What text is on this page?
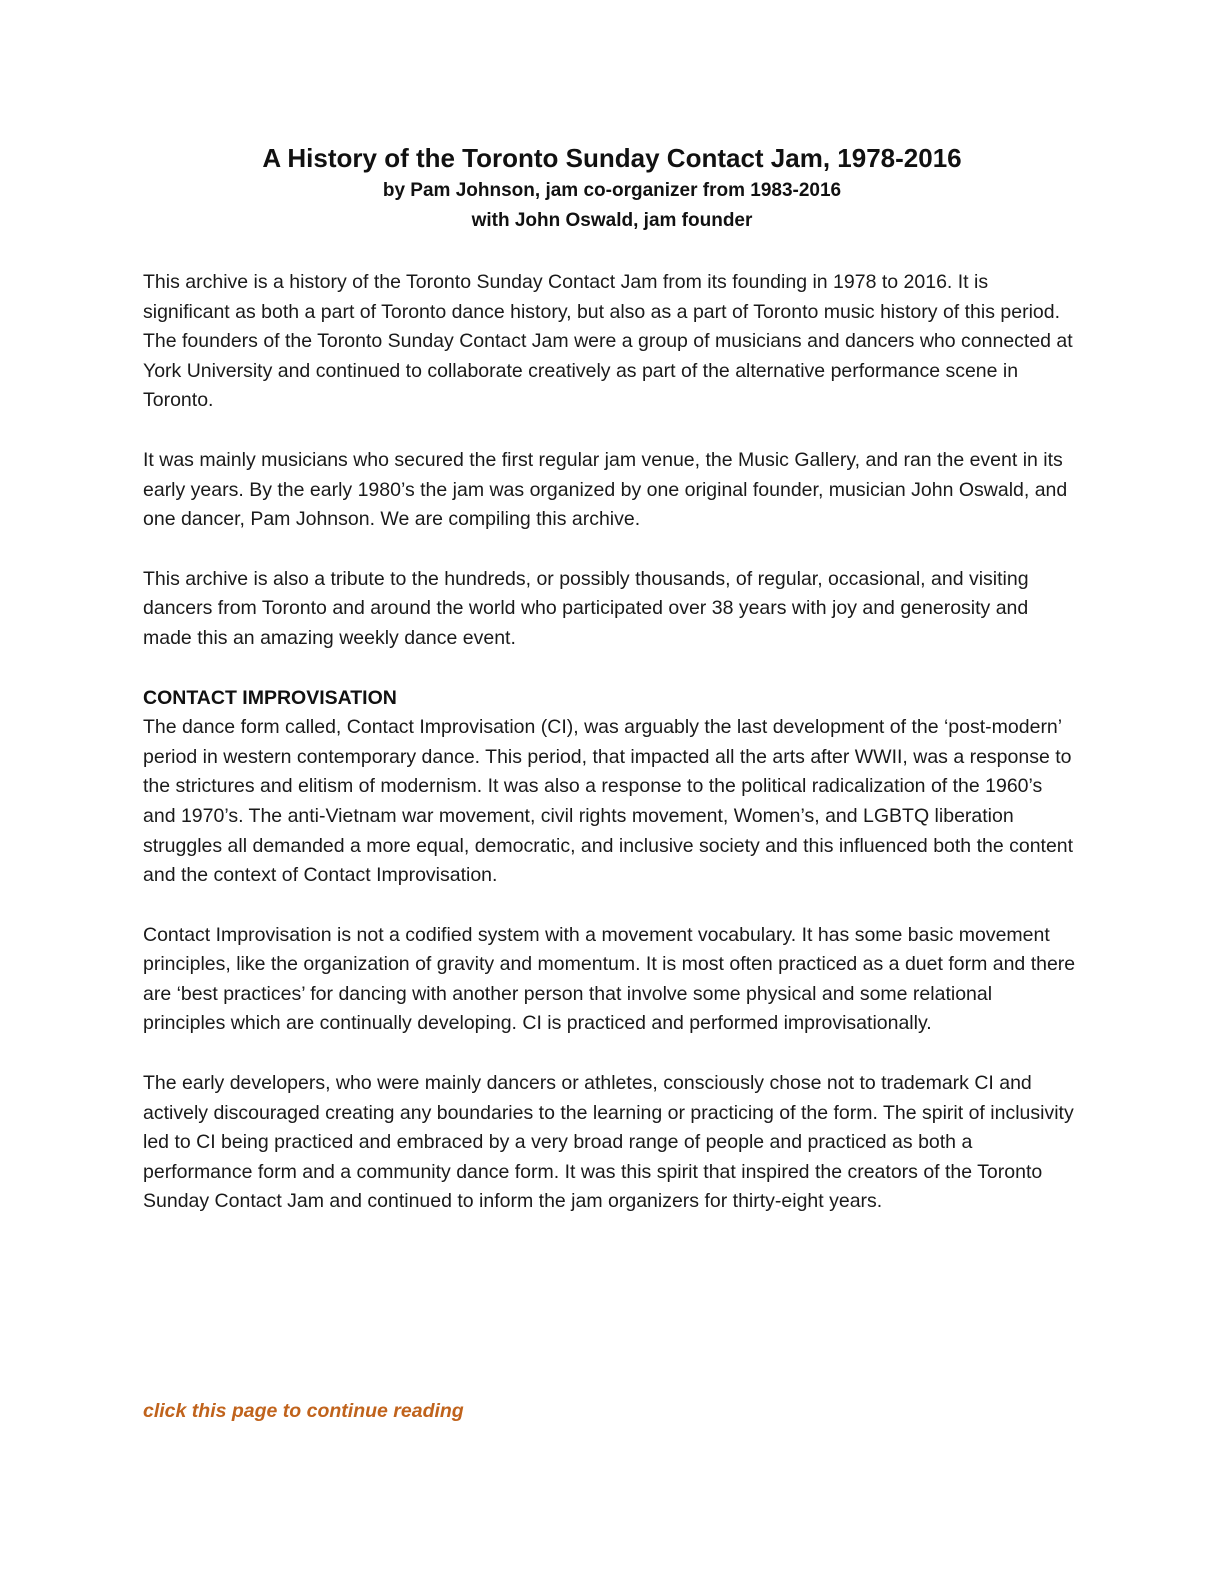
A History of the Toronto Sunday Contact Jam, 1978-2016

by Pam Johnson, jam co-organizer from 1983-2016

with John Oswald, jam founder

This archive is a history of the Toronto Sunday Contact Jam from its founding in 1978 to 2016. It is significant as both a part of Toronto dance history, but also as a part of Toronto music history of this period. The founders of the Toronto Sunday Contact Jam were a group of musicians and dancers who connected at York University and continued to collaborate creatively as part of the alternative performance scene in Toronto.

It was mainly musicians who secured the first regular jam venue, the Music Gallery, and ran the event in its early years. By the early 1980’s the jam was organized by one original founder, musician John Oswald, and one dancer, Pam Johnson. We are compiling this archive.

This archive is also a tribute to the hundreds, or possibly thousands, of regular, occasional, and visiting dancers from Toronto and around the world who participated over 38 years with joy and generosity and made this an amazing weekly dance event.

CONTACT IMPROVISATION

The dance form called, Contact Improvisation (CI), was arguably the last development of the ‘post-modern’ period in western contemporary dance. This period, that impacted all the arts after WWII, was a response to the strictures and elitism of modernism. It was also a response to the political radicalization of the 1960’s and 1970’s. The anti-Vietnam war movement, civil rights movement, Women’s, and LGBTQ liberation struggles all demanded a more equal, democratic, and inclusive society and this influenced both the content and the context of Contact Improvisation.

Contact Improvisation is not a codified system with a movement vocabulary. It has some basic movement principles, like the organization of gravity and momentum. It is most often practiced as a duet form and there are ‘best practices’ for dancing with another person that involve some physical and some relational principles which are continually developing. CI is practiced and performed improvisationally.

The early developers, who were mainly dancers or athletes, consciously chose not to trademark CI and actively discouraged creating any boundaries to the learning or practicing of the form. The spirit of inclusivity led to CI being practiced and embraced by a very broad range of people and practiced as both a performance form and a community dance form. It was this spirit that inspired the creators of the Toronto Sunday Contact Jam and continued to inform the jam organizers for thirty-eight years.

click this page to continue reading
